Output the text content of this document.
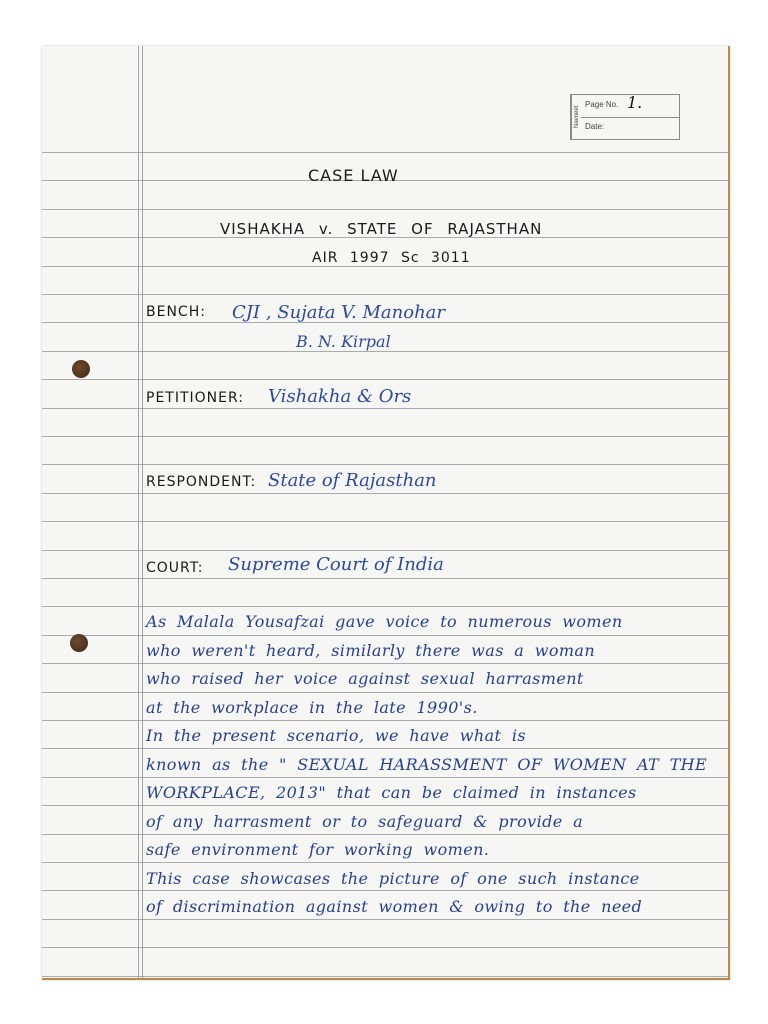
Navneet
Page No. 1.
Date:
CASE LAW
VISHAKHA v. STATE OF RAJASTHAN
AIR 1997 Sc 3011
BENCH: CJI , Sujata V. Manohar
B. N. Kirpal
PETITIONER: Vishakha & Ors
RESPONDENT: State of Rajasthan
COURT: Supreme Court of India
As Malala Yousafzai gave voice to numerous women
who weren't heard, similarly there was a woman
who raised her voice against sexual harrasment
at the workplace in the late 1990's.
In the present scenario, we have what is
known as the " SEXUAL HARASSMENT OF WOMEN AT THE
WORKPLACE, 2013" that can be claimed in instances
of any harrasment or to safeguard & provide a
safe environment for working women.
This case showcases the picture of one such instance
of discrimination against women & owing to the need
